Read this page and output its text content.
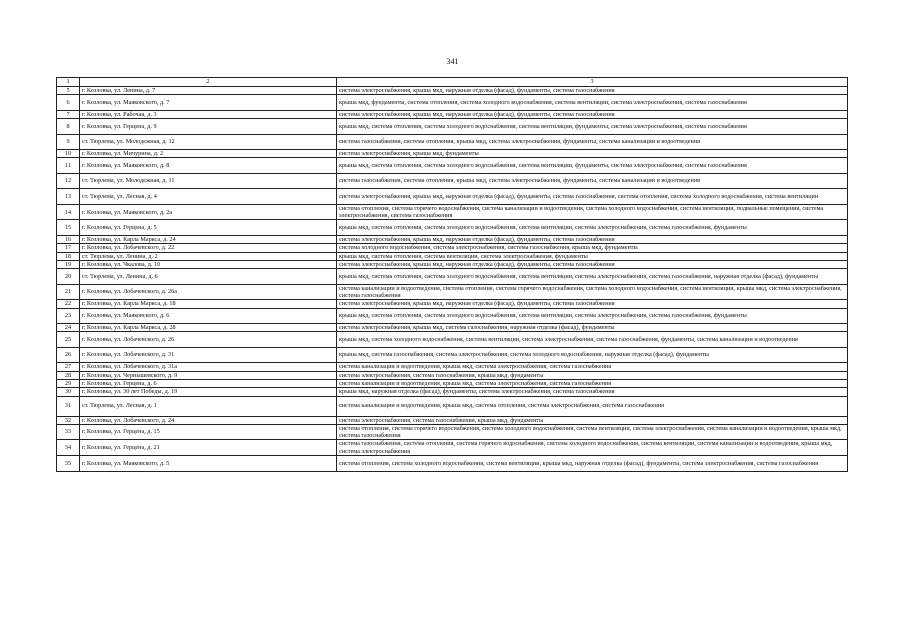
341
1	2	3
5	г. Козловка, ул. Ленина, д. 7	система электроснабжения, крыша мкд, наружная отделка (фасад), фундаменты, система газоснабжения
6	г. Козловка, ул. Маяковского, д. 7	крыша мкд, фундаменты, система отопления, система холодного водоснабжения, система вентиляции, система электроснабжения, система газоснабжения
7	г. Козловка, ул. Рабочая, д. 3	система электроснабжения, крыша мкд, наружная отделка (фасад), фундаменты, система газоснабжения
8	г. Козловка, ул. Герцена, д. 9	крыша мкд, система отопления, система холодного водоснабжения, система вентиляции, фундаменты, система электроснабжения, система газоснабжения
9	ст. Тюрлема, ул. Молодежная, д. 12	система газоснабжения, система отопления, крыша мкд, система электроснабжения, фундаменты, система канализации и водоотведения
10	г. Козловка, ул. Мичурина, д. 2	система электроснабжения, крыша мкд, фундаменты
11	г. Козловка, ул. Маяковского, д. 8	крыша мкд, система отопления, система холодного водоснабжения, система вентиляции, фундаменты, система электроснабжения, система газоснабжения
12	ст. Тюрлема, ул. Молодежная, д. 11	система газоснабжения, система отопления, крыша мкд, система электроснабжения, фундаменты, система канализации и водоотведения
13	ст. Тюрлема, ул. Лесная, д. 4	система электроснабжения, крыша мкд, наружная отделка (фасад), фундаменты, система газоснабжения, система отопления, система холодного водоснабжения, система вентиляции
14	г. Козловка, ул. Маяковского, д. 2а	система отопления, система горячего водоснабжения, система канализации и водоотведения, система холодного водоснабжения, система вентиляции, подвальные помещения, система электроснабжения, система газоснабжения
15	г. Козловка, ул. Герцена, д. 5	крыша мкд, система отопления, система холодного водоснабжения, система вентиляции, система электроснабжения, система газоснабжения, фундаменты
16	г. Козловка, ул. Карла Маркса, д. 24	система электроснабжения, крыша мкд, наружная отделка (фасад), фундаменты, система газоснабжения
17	г. Козловка, ул. Лобачевского, д. 22	система холодного водоснабжения, система электроснабжения, система газоснабжения, крыша мкд, фундаменты
18	ст. Тюрлема, ул. Ленина, д. 2	крыша мкд, система отопления, система вентиляции, система электроснабжения, фундаменты
19	г. Козловка, ул. Чкалова, д. 10	система электроснабжения, крыша мкд, наружная отделка (фасад), фундаменты, система газоснабжения
20	ст. Тюрлема, ул. Ленина, д. 6	крыша мкд, система отопления, система холодного водоснабжения, система вентиляции, система электроснабжения, система газоснабжения, наружная отделка (фасад), фундаменты
21	г. Козловка, ул. Лобачевского, д. 26а	система канализации и водоотведения, система отопления, система горячего водоснабжения, система холодного водоснабжения, система вентиляции, крыша мкд, система электроснабжения, система газоснабжения
22	г. Козловка, ул. Карла Маркса, д. 18	система электроснабжения, крыша мкд, наружная отделка (фасад), фундаменты, система газоснабжения
23	г. Козловка, ул. Маяковского, д. 6	крыша мкд, система отопления, система холодного водоснабжения, система вентиляции, система электроснабжения, система газоснабжения, фундаменты
24	г. Козловка, ул. Карла Маркса, д. 28	система электроснабжения, крыша мкд, система газоснабжения, наружная отделка (фасад), фундаменты
25	г. Козловка, ул. Лобачевского, д. 26	крыша мкд, система холодного водоснабжения, система вентиляции, система электроснабжения, система газоснабжения, фундаменты, система канализации и водоотведения
26	г. Козловка, ул. Лобачевского, д. 31	крыша мкд, система газоснабжения, система электроснабжения, система холодного водоснабжения, наружная отделка (фасад), фундаменты
27	г. Козловка, ул. Лобачевского, д. 31а	система канализации и водоотведения, крыша мкд, система электроснабжения, система газоснабжения
28	г. Козловка, ул. Чернышевского, д. 9	система электроснабжения, система газоснабжения, крыша мкд, фундаменты
29	г. Козловка, ул. Герцена, д. 6	система канализации и водоотведения, крыша мкд, система электроснабжения, система газоснабжения
30	г. Козловка, ул. 30 лет Победы, д. 19	крыша мкд, наружная отделка (фасад), фундаменты, система электроснабжения, система газоснабжения
31	ст. Тюрлема, ул. Лесная, д. 1	система канализации и водоотведения, крыша мкд, система отопления, система электроснабжения, система газоснабжения
32	г. Козловка, ул. Лобачевского, д. 24	система электроснабжения, система газоснабжения, крыша мкд, фундаменты
33	г. Козловка, ул. Герцена, д. 15	система отопления, система горячего водоснабжения, система холодного водоснабжения, система вентиляции, система электроснабжения, система канализации и водоотведения, крыша мкд, система газоснабжения
34	г. Козловка, ул. Герцена, д. 21	система газоснабжения, система отопления, система горячего водоснабжения, система холодного водоснабжения, система вентиляции, система канализации и водоотведения, крыша мкд, система электроснабжения
35	г. Козловка, ул. Маяковского, д. 5	система отопления, система холодного водоснабжения, система вентиляции, крыша мкд, наружная отделка (фасад), фундаменты, система электроснабжения, система газоснабжения
